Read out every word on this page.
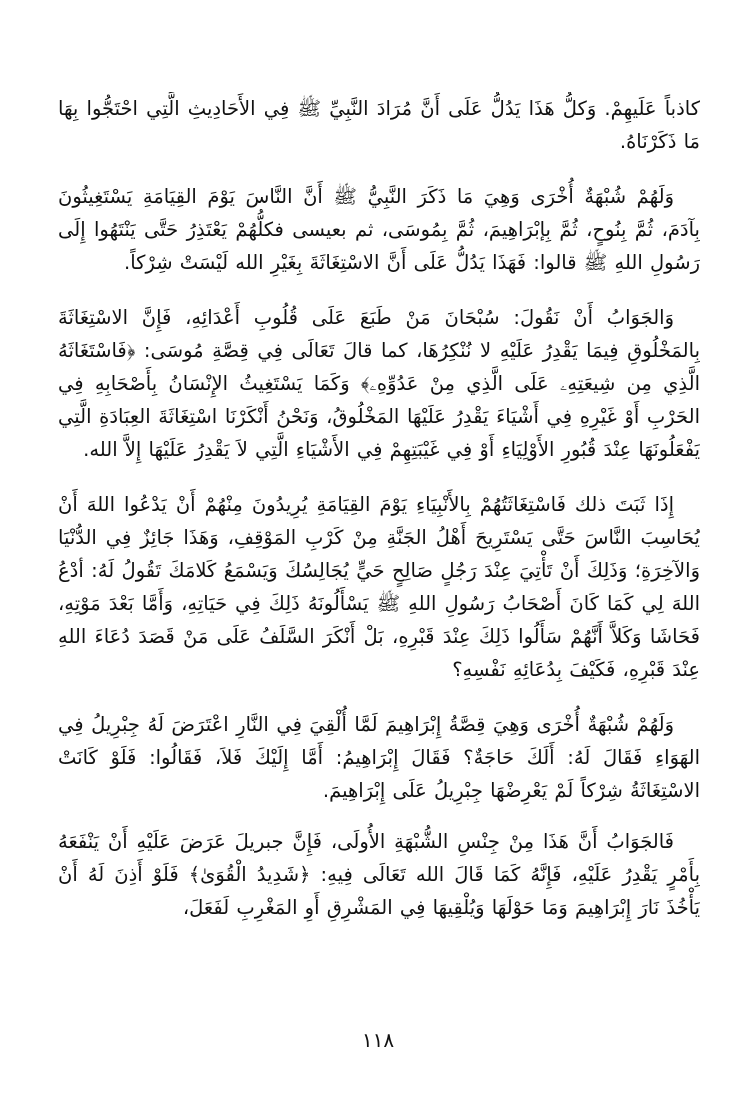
كاذباً عَلَيهِمْ. وَكلُّ هَذَا يَدُلُّ عَلَى أَنَّ مُرَادَ النَّبِيِّ ﷺ فِي الأَحَادِيثِ الَّتِي احْتَجُّوا بِهَا مَا ذَكَرْنَاهُ.

وَلَهُمْ شُبْهَةٌ أُخْرَى وَهِيَ مَا ذَكَرَ النَّبِيُّ ﷺ أَنَّ النَّاسَ يَوْمَ القِيَامَةِ يَسْتَغِيثُونَ بِآدَمَ، ثُمَّ بِنُوحٍ، ثُمَّ بِإبْرَاهِيمَ، ثُمَّ بِمُوسَى، ثم بعيسى فكلُّهُمْ يَعْتَذِرُ حَتَّى يَنْتَهُوا إِلَى رَسُولِ اللهِ ﷺ قالوا: فَهَذَا يَدُلُّ عَلَى أَنَّ الاسْتِغَاثَةَ بِغَيْرِ الله لَيْسَتْ شِرْكاً.

وَالجَوَابُ أَنْ نَقُولَ: سُبْحَانَ مَنْ طَبَعَ عَلَى قُلُوبِ أَعْدَائِهِ، فَإِنَّ الاسْتِغَاثَةَ بِالمَخْلُوقِ فِيمَا يَقْدِرُ عَلَيْهِ لا نُنْكِرُهَا، كما قالَ تَعَالَى فِي قِصَّةِ مُوسَى: ﴿فَاسْتَغَاثَهُ الَّذِي مِن شِيعَتِهِۦ عَلَى الَّذِي مِنْ عَدُوِّهِۦ﴾ وَكَمَا يَسْتَغِيثُ الإِنْسَانُ بِأَصْحَابِهِ فِي الحَرْبِ أَوْ غَيْرِهِ فِي أَشْيَاءَ يَقْدِرُ عَلَيْهَا المَخْلُوقُ، وَنَحْنُ أَنْكَرْنَا اسْتِغَاثَةَ العِبَادَةِ الَّتِي يَفْعَلُونَهَا عِنْدَ قُبُورِ الأَوْلِيَاءِ أَوْ فِي غَيْبَتِهِمْ فِي الأَشْيَاءِ الَّتِي لاَ يَقْدِرُ عَلَيْهَا إِلاَّ الله.

إِذَا ثَبَتَ ذلك فَاسْتِغَاثَتُهُمْ بِالأَنْبِيَاءِ يَوْمَ القِيَامَةِ يُرِيدُونَ مِنْهُمْ أَنْ يَدْعُوا اللهَ أَنْ يُحَاسِبَ النَّاسَ حَتَّى يَسْتَرِيحَ أَهْلُ الجَنَّةِ مِنْ كَرْبِ المَوْقِفِ، وَهَذَا جَائِزٌ فِي الدُّنْيَا وَالآخِرَةِ؛ وَذَلِكَ أَنْ تَأْتِيَ عِنْدَ رَجُلٍ صَالِحٍ حَيٍّ يُجَالِسُكَ وَيَسْمَعُ كَلامَكَ تَقُولُ لَهُ: أدْعُ اللهَ لِي كَمَا كَانَ أَصْحَابُ رَسُولِ اللهِ ﷺ يَسْأَلُونَهُ ذَلِكَ فِي حَيَاتِهِ، وَأَمَّا بَعْدَ مَوْتِهِ، فَحَاشَا وَكَلاَّ أَنَّهُمْ سَأَلُوا ذَلِكَ عِنْدَ قَبْرِهِ، بَلْ أَنْكَرَ السَّلَفُ عَلَى مَنْ قَصَدَ دُعَاءَ اللهِ عِنْدَ قَبْرِهِ، فَكَيْفَ بِدُعَائِهِ نَفْسِهِ؟

وَلَهُمْ شُبْهَةٌ أُخْرَى وَهِيَ قِصَّةُ إِبْرَاهِيمَ لَمَّا أُلْقِيَ فِي النَّارِ اعْتَرَضَ لَهُ جِبْرِيلُ فِي الهَوَاءِ فَقَالَ لَهُ: أَلَكَ حَاجَةٌ؟ فَقَالَ إِبْرَاهِيمُ: أَمَّا إِلَيْكَ فَلاَ، فَقَالُوا: فَلَوْ كَانَتْ الاسْتِغَاثَةُ شِرْكاً لَمْ يَعْرِضْهَا جِبْرِيلُ عَلَى إِبْرَاهِيمَ.

فَالجَوَابُ أَنَّ هَذَا مِنْ جِنْسِ الشُّبْهَةِ الأُولَى، فَإِنَّ جبريلَ عَرَضَ عَلَيْهِ أَنْ يَنْفَعَهُ بِأَمْرٍ يَقْدِرُ عَلَيْهِ، فَإِنَّهُ كَمَا قَالَ الله تَعَالَى فِيهِ: ﴿شَدِيدُ الْقُوَىٰ﴾ فَلَوْ أَذِنَ لَهُ أَنْ يَأْخُذَ نَارَ إِبْرَاهِيمَ وَمَا حَوْلَهَا وَيُلْقِيهَا فِي المَشْرِقِ أَوِ المَغْرِبِ لَفَعَلَ،

١١٨
